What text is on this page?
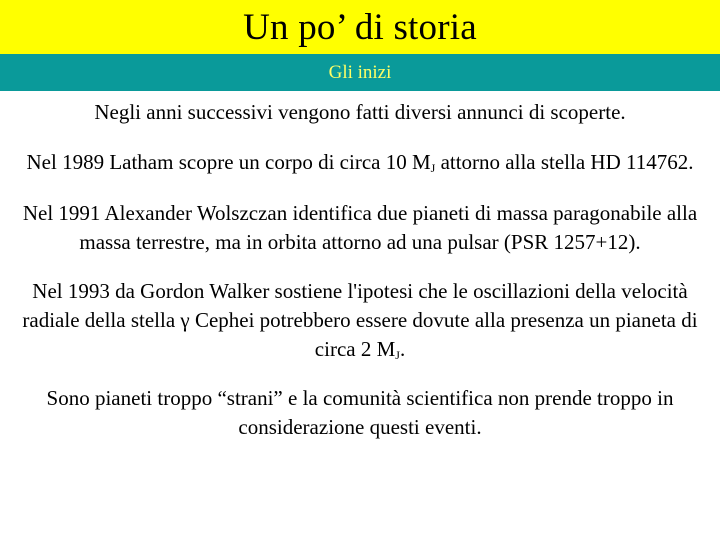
Un po’ di storia
Gli inizi

Negli anni successivi vengono fatti diversi annunci di scoperte.

Nel 1989 Latham scopre un corpo di circa 10 $M_J$ attorno alla stella HD 114762.

Nel 1991 Alexander Wolszczan identifica due pianeti di massa paragonabile alla massa terrestre, ma in orbita attorno ad una pulsar (PSR 1257+12).

Nel 1993 da Gordon Walker sostiene l'ipotesi che le oscillazioni della velocità radiale della stella γ Cephei potrebbero essere dovute alla presenza un pianeta di circa 2 $M_J$.

Sono pianeti troppo “strani” e la comunità scientifica non prende troppo in considerazione questi eventi.
